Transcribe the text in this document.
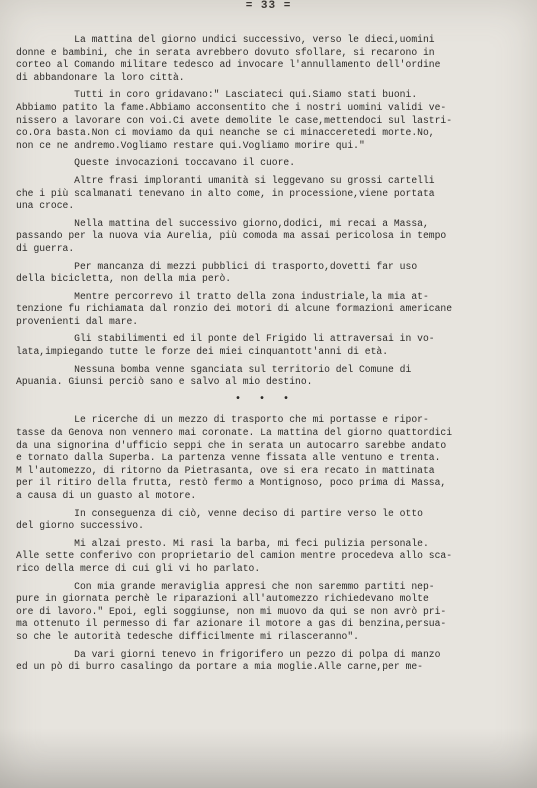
= 33 =

La mattina del giorno undici successivo, verso le dieci,uomini
donne e bambini, che in serata avrebbero dovuto sfollare, si recarono in
corteo al Comando militare tedesco ad invocare l'annullamento dell'ordine
di abbandonare la loro città.

Tutti in coro gridavano:" Lasciateci qui.Siamo stati buoni.
Abbiamo patito la fame.Abbiamo acconsentito che i nostri uomini validi ve-
nissero a lavorare con voi.Ci avete demolite le case,mettendoci sul lastri-
co.Ora basta.Non ci moviamo da qui neanche se ci minacceretedi morte.No,
non ce ne andremo.Vogliamo restare qui.Vogliamo morire qui."

Queste invocazioni toccavano il cuore.

Altre frasi imploranti umanità si leggevano su grossi cartelli
che i più scalmanati tenevano in alto come, in processione,viene portata
una croce.

Nella mattina del successivo giorno,dodici, mi recai a Massa,
passando per la nuova via Aurelia, più comoda ma assai pericolosa in tempo
di guerra.

Per mancanza di mezzi pubblici di trasporto,dovetti far uso
della bicicletta, non della mia però.

Mentre percorrevo il tratto della zona industriale,la mia at-
tenzione fu richiamata dal ronzio dei motori di alcune formazioni americane
provenienti dal mare.

Gli stabilimenti ed il ponte del Frigido li attraversai in vo-
lata,impiegando tutte le forze dei miei cinquantott'anni di età.

Nessuna bomba venne sganciata sul territorio del Comune di
Apuania. Giunsi perciò sano e salvo al mio destino.

• • •

Le ricerche di un mezzo di trasporto che mi portasse e ripor-
tasse da Genova non vennero mai coronate. La mattina del giorno quattordici
da una signorina d'ufficio seppi che in serata un autocarro sarebbe andato
e tornato dalla Superba. La partenza venne fissata alle ventuno e trenta.
M l'automezzo, di ritorno da Pietrasanta, ove si era recato in mattinata
per il ritiro della frutta, restò fermo a Montignoso, poco prima di Massa,
a causa di un guasto al motore.

In conseguenza di ciò, venne deciso di partire verso le otto
del giorno successivo.

Mi alzai presto. Mi rasi la barba, mi feci pulizia personale.
Alle sette conferivo con proprietario del camion mentre procedeva allo sca-
rico della merce di cui gli vi ho parlato.

Con mia grande meraviglia appresi che non saremmo partiti nep-
pure in giornata perchè le riparazioni all'automezzo richiedevano molte
ore di lavoro." Epoi, egli soggiunse, non mi muovo da qui se non avrò pri-
ma ottenuto il permesso di far azionare il motore a gas di benzina,persua-
so che le autorità tedesche difficilmente mi rilasceranno".

Da vari giorni tenevo in frigorifero un pezzo di polpa di manzo
ed un pò di burro casalingo da portare a mia moglie.Alle carne,per me-
